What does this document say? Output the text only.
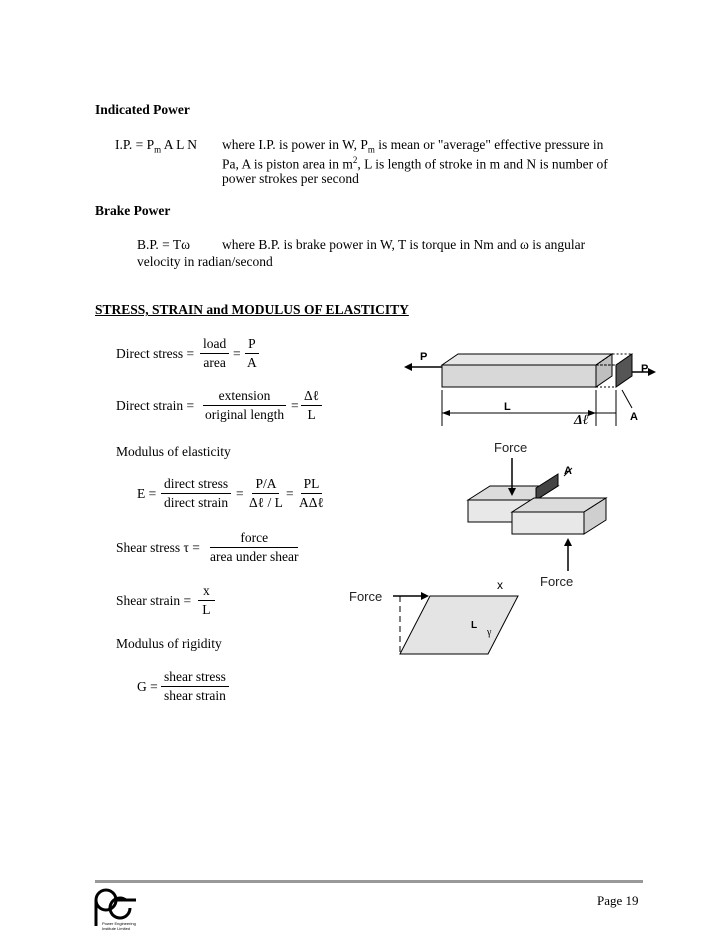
Indicated Power
I.P. = $P_m$ A L N where I.P. is power in W, $P_m$ is mean or "average" effective pressure in
Pa, A is piston area in $m^2$, L is length of stroke in m and N is number of
power strokes per second
Brake Power
B.P. = Tω where B.P. is brake power in W, T is torque in Nm and ω is angular
velocity in radian/second
STRESS, STRAIN and MODULUS OF ELASTICITY
Direct stress =
load
area
= $\frac{P}{A}$
Direct strain =
extension
original length
=
Δℓ
L
Modulus of elasticity
E =
direct stress
direct strain
=
P/A
Δℓ / L
=
PL
AΔℓ
Shear stress τ =
force
area under shear
Shear strain = $\frac{x}{L}$
Modulus of rigidity
G =
shear stress
shear strain
P
P
L
Δℓ	A
Force
A
Force
Force
x
L
γ
Power Engineering
Institute Limited
Page 19
